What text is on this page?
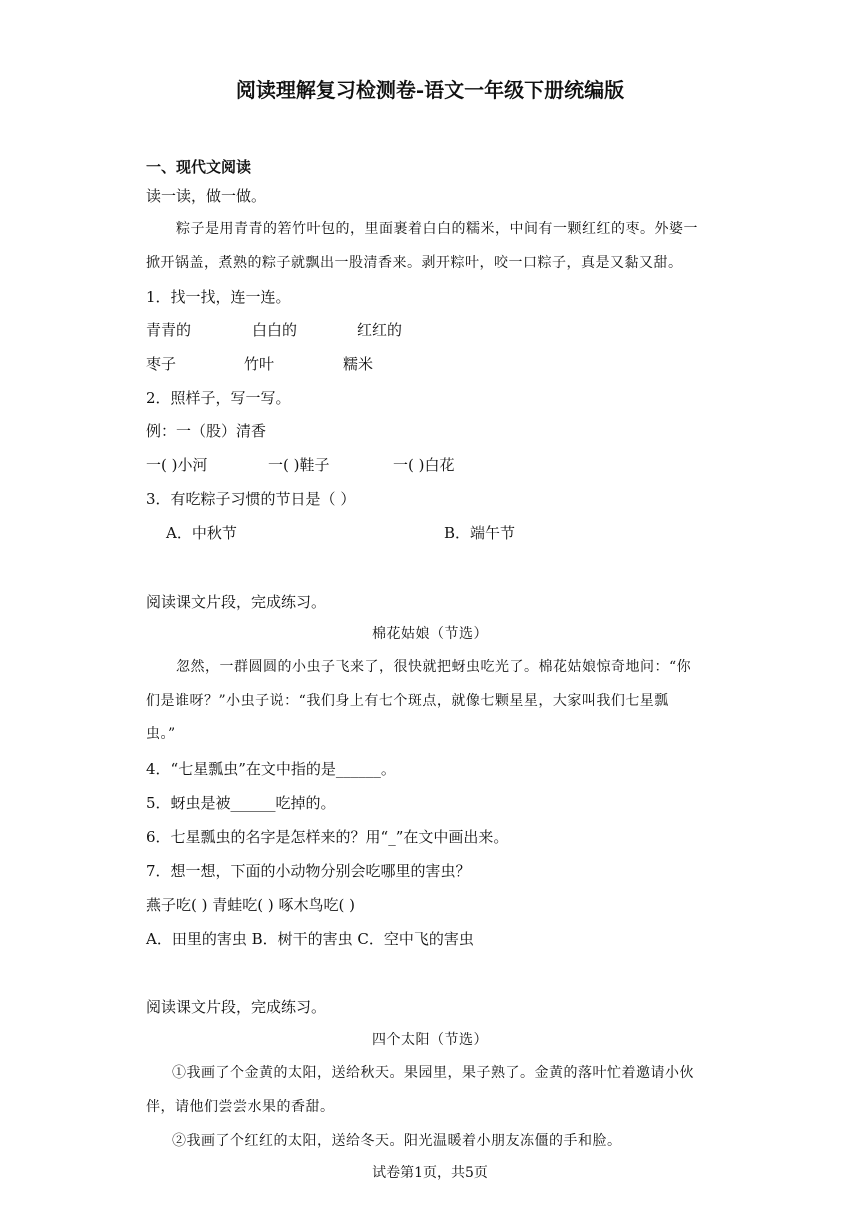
阅读理解复习检测卷-语文一年级下册统编版
一、现代文阅读
读一读，做一做。
粽子是用青青的箬竹叶包的，里面裹着白白的糯米，中间有一颗红红的枣。外婆一
掀开锅盖，煮熟的粽子就飘出一股清香来。剥开粽叶，咬一口粽子，真是又黏又甜。
1．找一找，连一连。
青青的	白白的	红红的
枣子	竹叶	糯米
2．照样子，写一写。
例：一（股）清香
一( )小河	一( )鞋子	一( )白花
3．有吃粽子习惯的节日是（ ）
A．中秋节	B．端午节
阅读课文片段，完成练习。
棉花姑娘（节选）
忽然，一群圆圆的小虫子飞来了，很快就把蚜虫吃光了。棉花姑娘惊奇地问：“你
们是谁呀？”小虫子说：“我们身上有七个斑点，就像七颗星星，大家叫我们七星瓢
虫。”
4．“七星瓢虫”在文中指的是______。
5．蚜虫是被______吃掉的。
6．七星瓢虫的名字是怎样来的？用“_”在文中画出来。
7．想一想，下面的小动物分别会吃哪里的害虫？
燕子吃( ) 青蛙吃( ) 啄木鸟吃( )
A．田里的害虫 B．树干的害虫 C．空中飞的害虫
阅读课文片段，完成练习。
四个太阳（节选）
①我画了个金黄的太阳，送给秋天。果园里，果子熟了。金黄的落叶忙着邀请小伙
伴，请他们尝尝水果的香甜。
②我画了个红红的太阳，送给冬天。阳光温暖着小朋友冻僵的手和脸。
试卷第1页，共5页
